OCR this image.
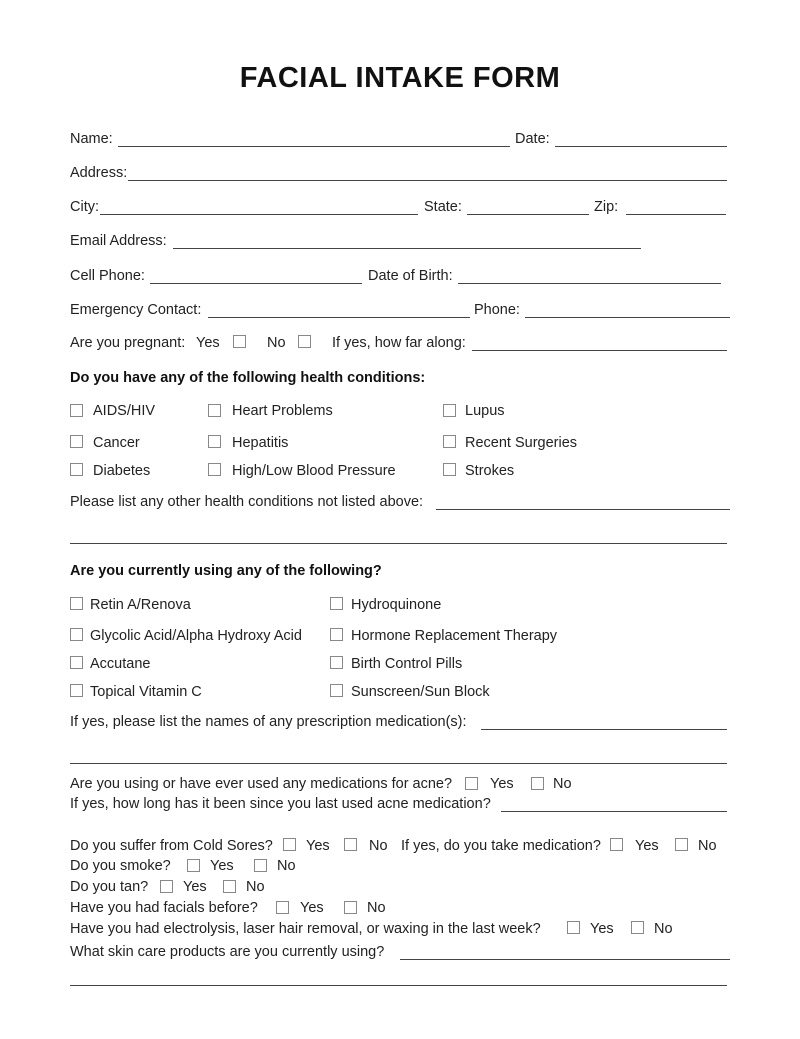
FACIAL INTAKE FORM
Name:	Date:
Address:
City:	State:	Zip:
Email Address:
Cell Phone:	Date of Birth:
Emergency Contact:	Phone:
Are you pregnant: Yes	No	If yes, how far along:
Do you have any of the following health conditions:
AIDS/HIV	Heart Problems	Lupus
Cancer	Hepatitis	Recent Surgeries
Diabetes	High/Low Blood Pressure	Strokes
Please list any other health conditions not listed above:
Are you currently using any of the following?
Retin A/Renova	Hydroquinone
Glycolic Acid/Alpha Hydroxy Acid	Hormone Replacement Therapy
Accutane	Birth Control Pills
Topical Vitamin C	Sunscreen/Sun Block
If yes, please list the names of any prescription medication(s):
Are you using or have ever used any medications for acne?	Yes	No
If yes, how long has it been since you last used acne medication?
Do you suffer from Cold Sores? Yes	No If yes, do you take medication? Yes	No
Do you smoke?	Yes	No
Do you tan? Yes	No
Have you had facials before?	Yes	No
Have you had electrolysis, laser hair removal, or waxing in the last week?	Yes	No
What skin care products are you currently using?
